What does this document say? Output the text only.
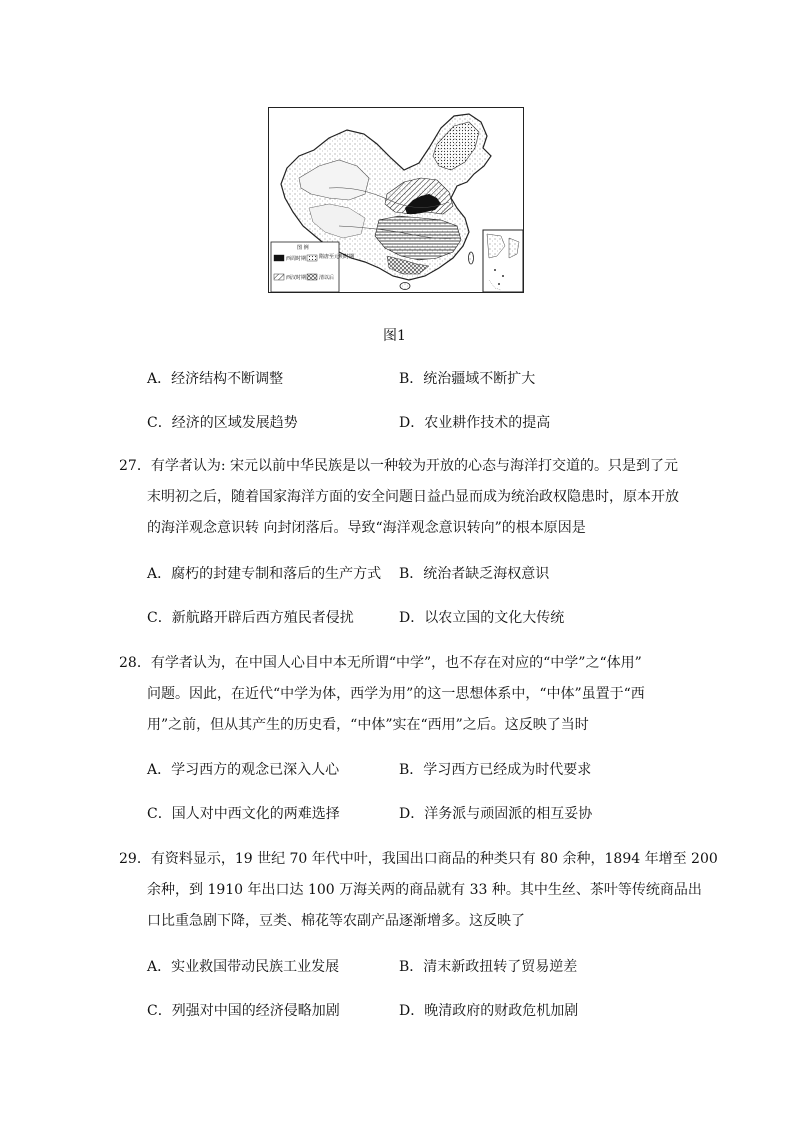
图 例
西周时期	隋唐至元明时期
西汉时期	清以后
图1
A．经济结构不断调整	B．统治疆域不断扩大
C．经济的区域发展趋势	D．农业耕作技术的提高
27．有学者认为: 宋元以前中华民族是以一种较为开放的心态与海洋打交道的。只是到了元
末明初之后，随着国家海洋方面的安全问题日益凸显而成为统治政权隐患时，原本开放
的海洋观念意识转 向封闭落后。导致“海洋观念意识转向”的根本原因是
A．腐朽的封建专制和落后的生产方式 B．统治者缺乏海权意识
C．新航路开辟后西方殖民者侵扰	D．以农立国的文化大传统
28．有学者认为，在中国人心目中本无所谓“中学”，也不存在对应的“中学”之“体用”
问题。因此，在近代“中学为体，西学为用”的这一思想体系中，“中体”虽置于“西
用”之前，但从其产生的历史看，“中体”实在“西用”之后。这反映了当时
A．学习西方的观念已深入人心	B．学习西方已经成为时代要求
C．国人对中西文化的两难选择	D．洋务派与顽固派的相互妥协
29．有资料显示，19 世纪 70 年代中叶，我国出口商品的种类只有 80 余种，1894 年增至 200
余种，到 1910 年出口达 100 万海关两的商品就有 33 种。其中生丝、茶叶等传统商品出
口比重急剧下降，豆类、棉花等农副产品逐渐增多。这反映了
A．实业救国带动民族工业发展	B．清末新政扭转了贸易逆差
C．列强对中国的经济侵略加剧	D．晚清政府的财政危机加剧
